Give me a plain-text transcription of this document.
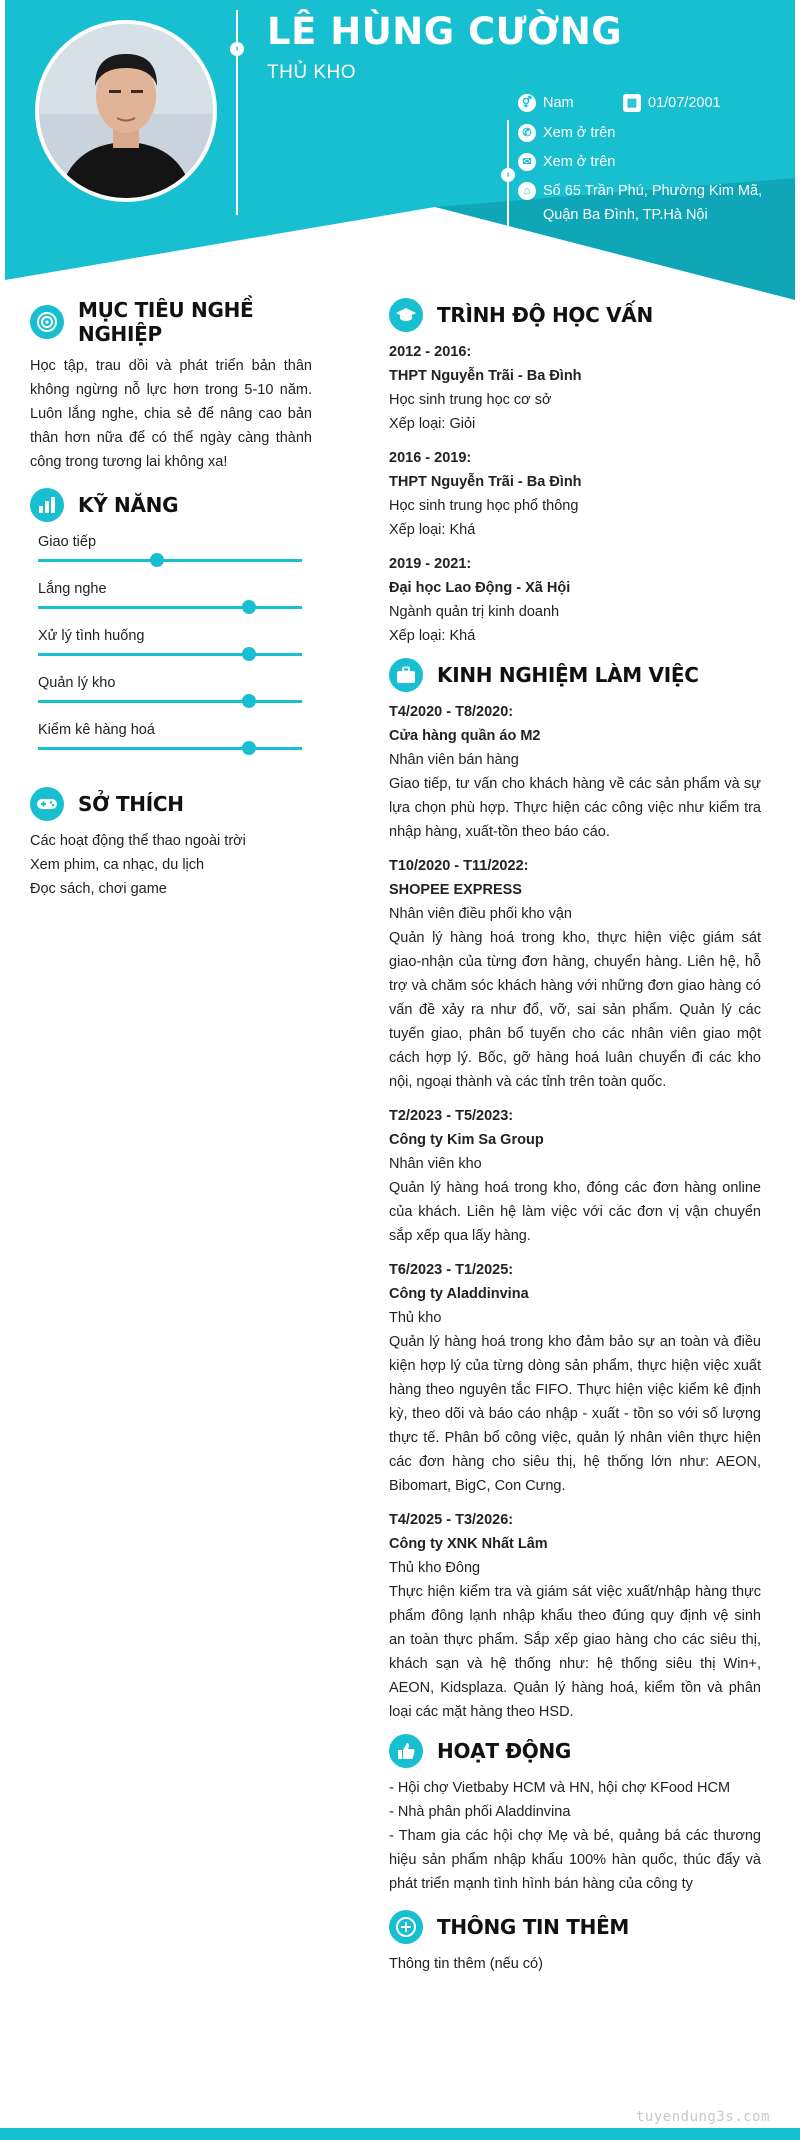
› LÊ HÙNG CƯỜNG
THỦ KHO
⚥ Nam	▦ 01/07/2001
›
✆ Xem ở trên
✉ Xem ở trên
⌂ Số 65 Trần Phú, Phường Kim Mã,
Quận Ba Đình, TP.Hà Nội
MỤC TIÊU NGHỀ NGHIỆP
Học tập, trau dồi và phát triển bản thân không ngừng nỗ lực hơn trong 5-10 năm. Luôn lắng nghe, chia sẻ để nâng cao bản thân hơn nữa để có thể ngày càng thành công trong tương lai không xa!
KỸ NĂNG
Giao tiếp
Lắng nghe
Xử lý tình huống
Quản lý kho
Kiểm kê hàng hoá
SỞ THÍCH
Các hoạt động thể thao ngoài trời
Xem phim, ca nhạc, du lịch
Đọc sách, chơi game
TRÌNH ĐỘ HỌC VẤN
2012 - 2016:
THPT Nguyễn Trãi - Ba Đình
Học sinh trung học cơ sở
Xếp loại: Giỏi
2016 - 2019:
THPT Nguyễn Trãi - Ba Đình
Học sinh trung học phổ thông
Xếp loại: Khá
2019 - 2021:
Đại học Lao Động - Xã Hội
Ngành quản trị kinh doanh
Xếp loại: Khá
KINH NGHIỆM LÀM VIỆC
T4/2020 - T8/2020:
Cửa hàng quần áo M2
Nhân viên bán hàng
Giao tiếp, tư vấn cho khách hàng về các sản phẩm và sự lựa chọn phù hợp. Thực hiện các công việc như kiểm tra nhập hàng, xuất-tồn theo báo cáo.
T10/2020 - T11/2022:
SHOPEE EXPRESS
Nhân viên điều phối kho vận
Quản lý hàng hoá trong kho, thực hiện việc giám sát giao-nhận của từng đơn hàng, chuyển hàng. Liên hệ, hỗ trợ và chăm sóc khách hàng với những đơn giao hàng có vấn đề xảy ra như đổ, vỡ, sai sản phẩm. Quản lý các tuyến giao, phân bổ tuyến cho các nhân viên giao một cách hợp lý. Bốc, gỡ hàng hoá luân chuyển đi các kho nội, ngoại thành và các tỉnh trên toàn quốc.
T2/2023 - T5/2023:
Công ty Kim Sa Group
Nhân viên kho
Quản lý hàng hoá trong kho, đóng các đơn hàng online của khách. Liên hệ làm việc với các đơn vị vận chuyển sắp xếp qua lấy hàng.
T6/2023 - T1/2025:
Công ty Aladdinvina
Thủ kho
Quản lý hàng hoá trong kho đảm bảo sự an toàn và điều kiện hợp lý của từng dòng sản phẩm, thực hiện việc xuất hàng theo nguyên tắc FIFO. Thực hiện việc kiểm kê định kỳ, theo dõi và báo cáo nhập - xuất - tồn so với số lượng thực tế. Phân bổ công việc, quản lý nhân viên thực hiện các đơn hàng cho siêu thị, hệ thống lớn như: AEON, Bibomart, BigC, Con Cưng.
T4/2025 - T3/2026:
Công ty XNK Nhất Lâm
Thủ kho Đông
Thực hiện kiểm tra và giám sát việc xuất/nhập hàng thực phẩm đông lạnh nhập khẩu theo đúng quy định vệ sinh an toàn thực phẩm. Sắp xếp giao hàng cho các siêu thị, khách sạn và hệ thống như: hệ thống siêu thị Win+, AEON, Kidsplaza. Quản lý hàng hoá, kiểm tồn và phân loại các mặt hàng theo HSD.
HOẠT ĐỘNG
- Hội chợ Vietbaby HCM và HN, hội chợ KFood HCM
- Nhà phân phối Aladdinvina
- Tham gia các hội chợ Mẹ và bé, quảng bá các thương hiệu sản phẩm nhập khẩu 100% hàn quốc, thúc đẩy và phát triển mạnh tình hình bán hàng của công ty
THÔNG TIN THÊM
Thông tin thêm (nếu có)
tuyendung3s.com
